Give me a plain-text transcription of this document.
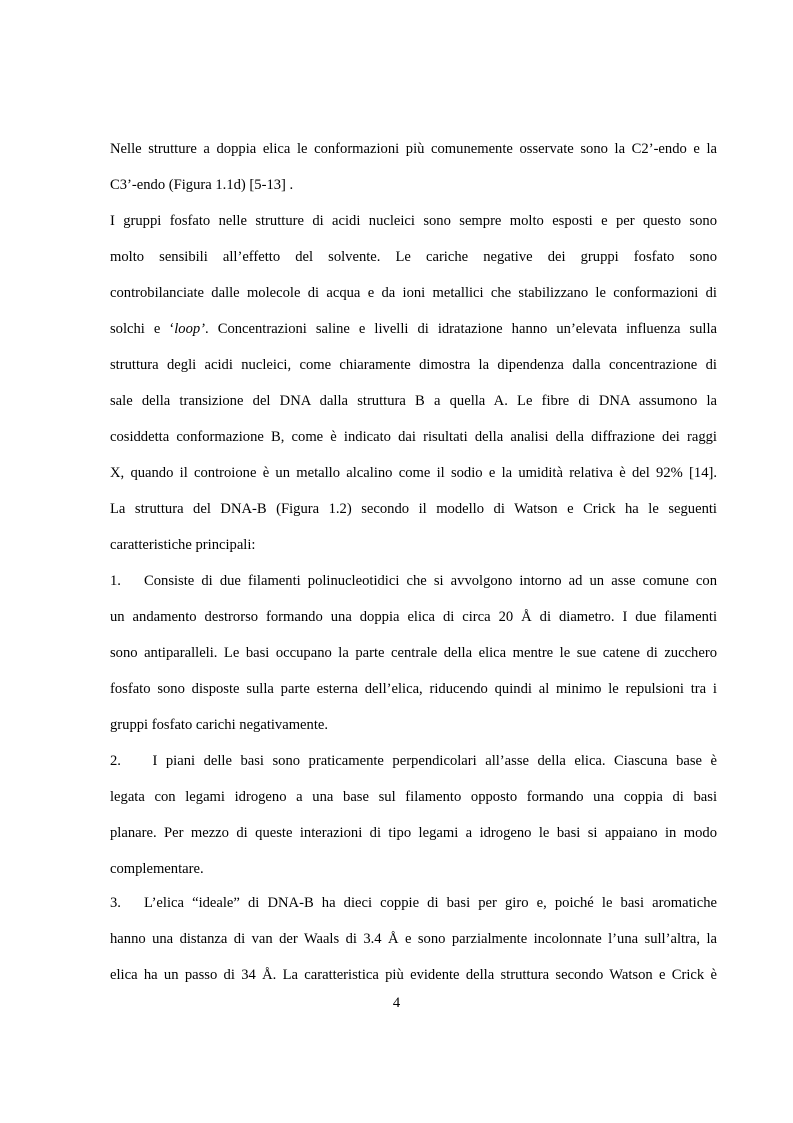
Nelle strutture a doppia elica le conformazioni più comunemente osservate sono la C2’-endo e la
C3’-endo (Figura 1.1d) [5-13] .
I gruppi fosfato nelle strutture di acidi nucleici sono sempre molto esposti e per questo sono
molto sensibili all’effetto del solvente. Le cariche negative dei gruppi fosfato sono
controbilanciate dalle molecole di acqua e da ioni metallici che stabilizzano le conformazioni di
solchi e ‘loop’. Concentrazioni saline e livelli di idratazione hanno un’elevata influenza sulla
struttura degli acidi nucleici, come chiaramente dimostra la dipendenza dalla concentrazione di
sale della transizione del DNA dalla struttura B a quella A. Le fibre di DNA assumono la
cosiddetta conformazione B, come è indicato dai risultati della analisi della diffrazione dei raggi
X, quando il controione è un metallo alcalino come il sodio e la umidità relativa è del 92% [14].
La struttura del DNA-B (Figura 1.2) secondo il modello di Watson e Crick ha le seguenti
caratteristiche principali:
1. Consiste di due filamenti polinucleotidici che si avvolgono intorno ad un asse comune con
un andamento destrorso formando una doppia elica di circa 20 Å di diametro. I due filamenti
sono antiparalleli. Le basi occupano la parte centrale della elica mentre le sue catene di zucchero
fosfato sono disposte sulla parte esterna dell’elica, riducendo quindi al minimo le repulsioni tra i
gruppi fosfato carichi negativamente.
2. I piani delle basi sono praticamente perpendicolari all’asse della elica. Ciascuna base è
legata con legami idrogeno a una base sul filamento opposto formando una coppia di basi
planare. Per mezzo di queste interazioni di tipo legami a idrogeno le basi si appaiano in modo
complementare.
3. L’elica “ideale” di DNA-B ha dieci coppie di basi per giro e, poiché le basi aromatiche
hanno una distanza di van der Waals di 3.4 Å e sono parzialmente incolonnate l’una sull’altra, la
elica ha un passo di 34 Å. La caratteristica più evidente della struttura secondo Watson e Crick è
4
